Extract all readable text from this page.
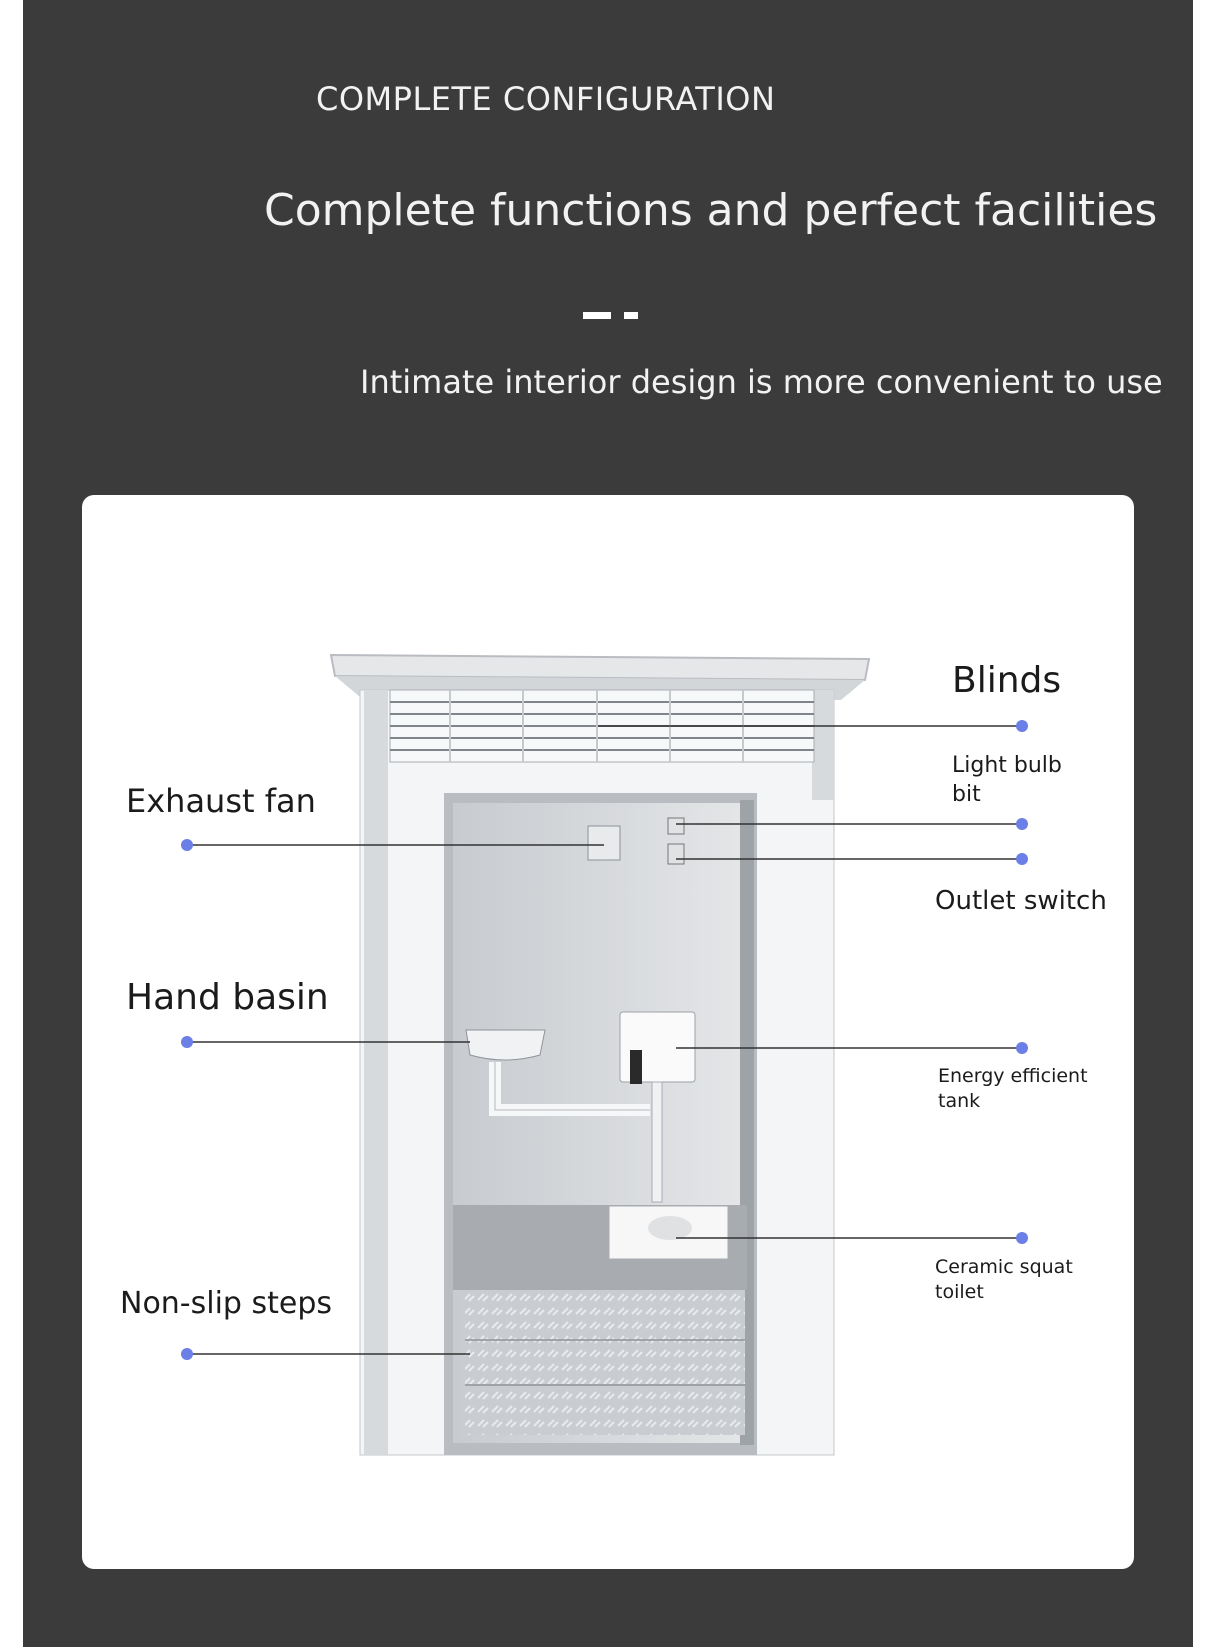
COMPLETE CONFIGURATION
Complete functions and perfect facilities
Intimate interior design is more convenient to use
Blinds
Light bulb
bit
Outlet switch
Energy efficient
tank
Ceramic squat
toilet
Exhaust fan
Hand basin
Non-slip steps
